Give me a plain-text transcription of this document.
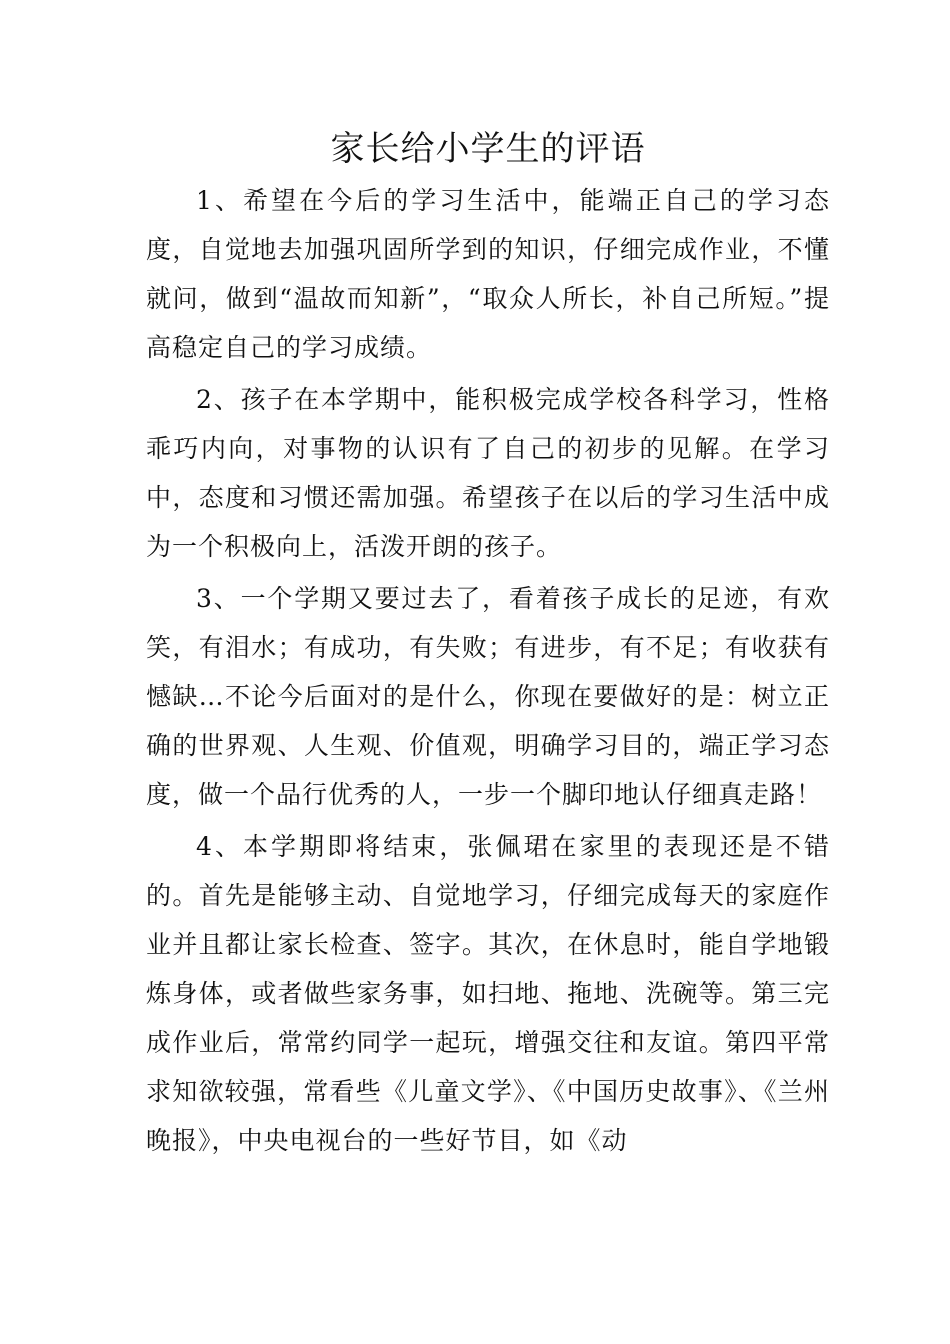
家长给小学生的评语

1、希望在今后的学习生活中，能端正自己的学习态度，自觉地去加强巩固所学到的知识，仔细完成作业，不懂就问，做到“温故而知新”，“取众人所长，补自己所短。”提高稳定自己的学习成绩。

2、孩子在本学期中，能积极完成学校各科学习，性格乖巧内向，对事物的认识有了自己的初步的见解。在学习中，态度和习惯还需加强。希望孩子在以后的学习生活中成为一个积极向上，活泼开朗的孩子。

3、一个学期又要过去了，看着孩子成长的足迹，有欢笑，有泪水；有成功，有失败；有进步，有不足；有收获有憾缺…不论今后面对的是什么，你现在要做好的是：树立正确的世界观、人生观、价值观，明确学习目的，端正学习态度，做一个品行优秀的人，一步一个脚印地认仔细真走路！

4、本学期即将结束，张佩珺在家里的表现还是不错的。首先是能够主动、自觉地学习，仔细完成每天的家庭作业并且都让家长检查、签字。其次，在休息时，能自学地锻炼身体，或者做些家务事，如扫地、拖地、洗碗等。第三完成作业后，常常约同学一起玩，增强交往和友谊。第四平常求知欲较强，常看些《儿童文学》、《中国历史故事》、《兰州晚报》，中央电视台的一些好节目，如《动
